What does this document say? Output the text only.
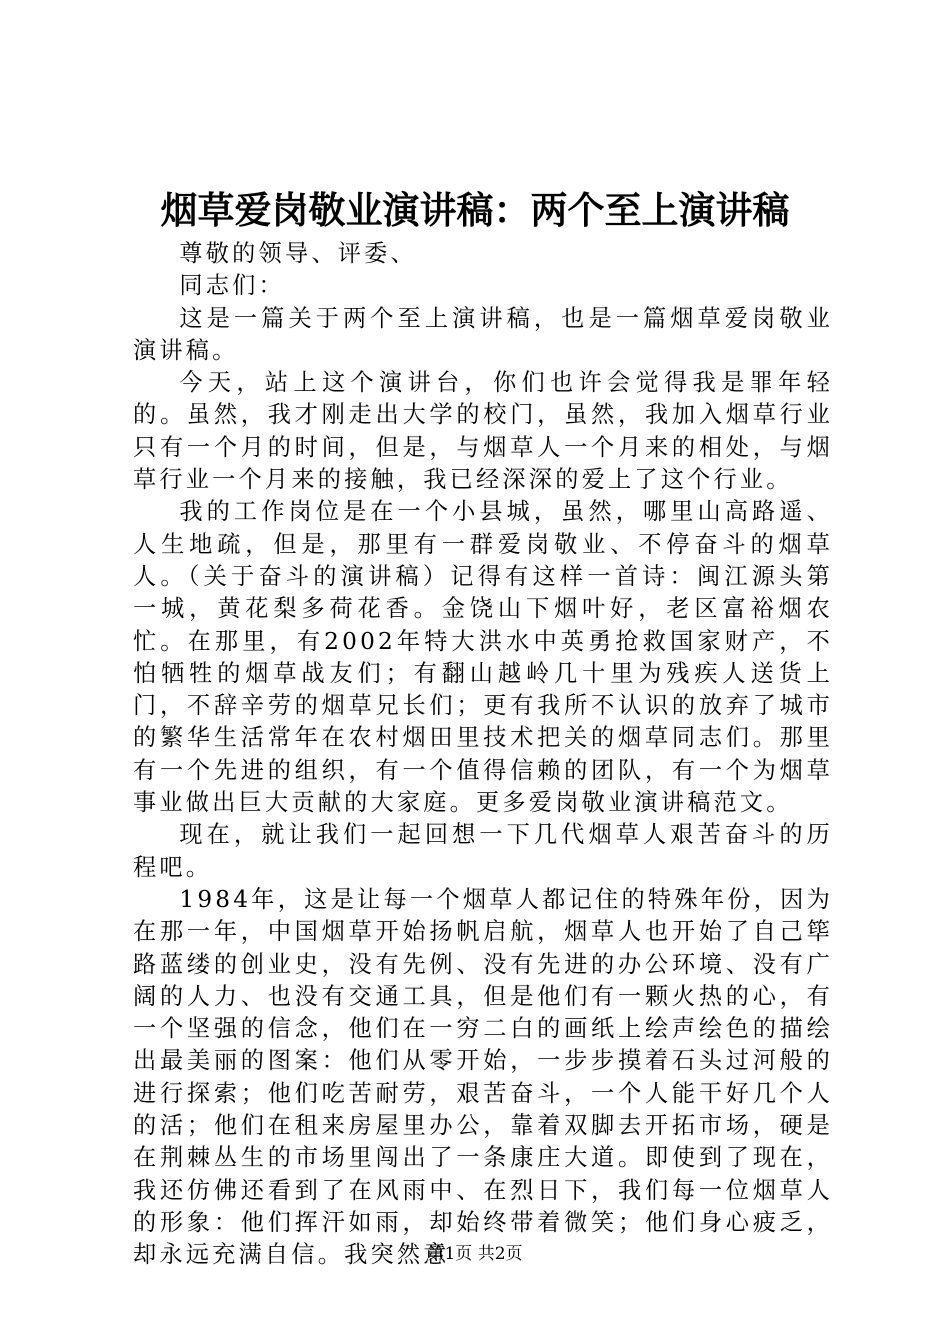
烟草爱岗敬业演讲稿：两个至上演讲稿

尊敬的领导、评委、

同志们：

这是一篇关于两个至上演讲稿，也是一篇烟草爱岗敬业演讲稿。

今天，站上这个演讲台，你们也许会觉得我是罪年轻的。虽然，我才刚走出大学的校门，虽然，我加入烟草行业只有一个月的时间，但是，与烟草人一个月来的相处，与烟草行业一个月来的接触，我已经深深的爱上了这个行业。

我的工作岗位是在一个小县城，虽然，哪里山高路遥、人生地疏，但是，那里有一群爱岗敬业、不停奋斗的烟草人。（关于奋斗的演讲稿）记得有这样一首诗：闽江源头第一城，黄花梨多荷花香。金饶山下烟叶好，老区富裕烟农忙。在那里，有2002年特大洪水中英勇抢救国家财产，不怕牺牲的烟草战友们；有翻山越岭几十里为残疾人送货上门，不辞辛劳的烟草兄长们；更有我所不认识的放弃了城市的繁华生活常年在农村烟田里技术把关的烟草同志们。那里有一个先进的组织，有一个值得信赖的团队，有一个为烟草事业做出巨大贡献的大家庭。更多爱岗敬业演讲稿范文。

现在，就让我们一起回想一下几代烟草人艰苦奋斗的历程吧。

1984年，这是让每一个烟草人都记住的特殊年份，因为在那一年，中国烟草开始扬帆启航，烟草人也开始了自己筚路蓝缕的创业史，没有先例、没有先进的办公环境、没有广阔的人力、也没有交通工具，但是他们有一颗火热的心，有一个坚强的信念，他们在一穷二白的画纸上绘声绘色的描绘出最美丽的图案：他们从零开始，一步步摸着石头过河般的进行探索；他们吃苦耐劳，艰苦奋斗，一个人能干好几个人的活；他们在租来房屋里办公，靠着双脚去开拓市场，硬是在荆棘丛生的市场里闯出了一条康庄大道。即使到了现在，我还仿佛还看到了在风雨中、在烈日下，我们每一位烟草人的形象：他们挥汗如雨，却始终带着微笑；他们身心疲乏，却永远充满自信。我突然意

第1页 共2页
